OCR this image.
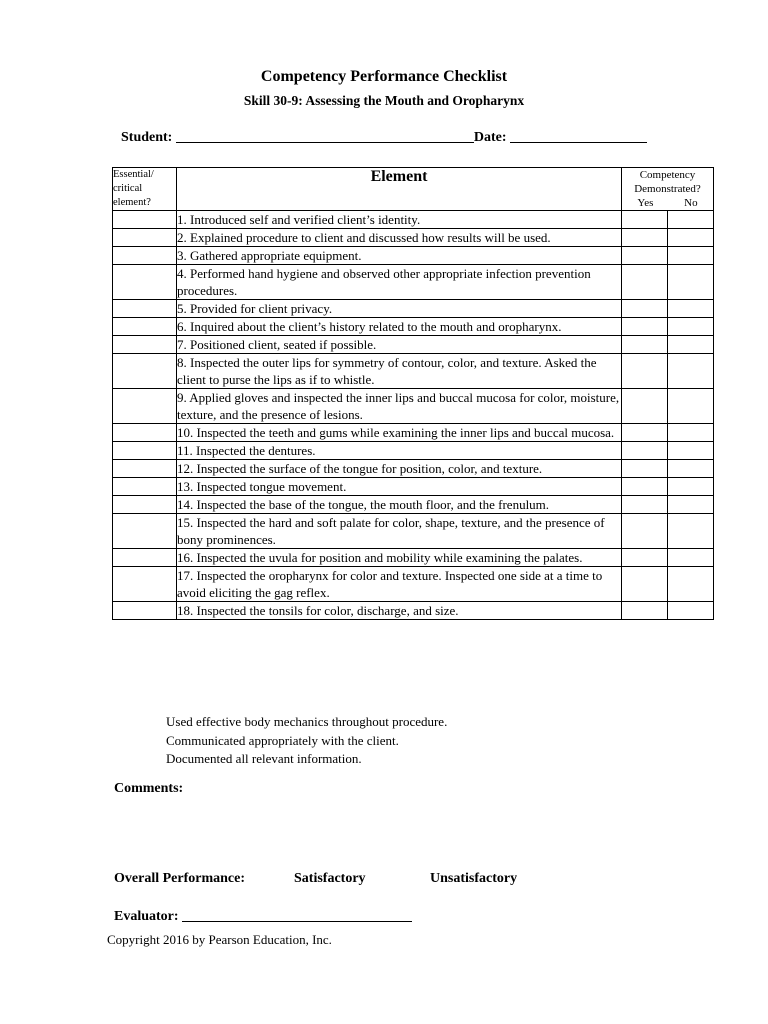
Competency Performance Checklist
Skill 30-9: Assessing the Mouth and Oropharynx
Student:	Date:
Essential/ critical element?	Element	Competency Demonstrated?
Yes No	

	1. Introduced self and verified client’s identity.		
	2. Explained procedure to client and discussed how results will be used.		
	3. Gathered appropriate equipment.		
	4. Performed hand hygiene and observed other appropriate infection prevention procedures.		
	5. Provided for client privacy.		
	6. Inquired about the client’s history related to the mouth and oropharynx.		
	7. Positioned client, seated if possible.		
	8. Inspected the outer lips for symmetry of contour, color, and texture. Asked the client to purse the lips as if to whistle.		
	9. Applied gloves and inspected the inner lips and buccal mucosa for color, moisture, texture, and the presence of lesions.		
	10. Inspected the teeth and gums while examining the inner lips and buccal mucosa.		
	11. Inspected the dentures.		
	12. Inspected the surface of the tongue for position, color, and texture.		
	13. Inspected tongue movement.		
	14. Inspected the base of the tongue, the mouth floor, and the frenulum.		
	15. Inspected the hard and soft palate for color, shape, texture, and the presence of bony prominences.		
	16. Inspected the uvula for position and mobility while examining the palates.		
	17. Inspected the oropharynx for color and texture. Inspected one side at a time to avoid eliciting the gag reflex.		
	18. Inspected the tonsils for color, discharge, and size.		
Used effective body mechanics throughout procedure.
Communicated appropriately with the client.
Documented all relevant information.
Comments:
Overall Performance:	Satisfactory	Unsatisfactory
Evaluator:
Copyright 2016 by Pearson Education, Inc.
